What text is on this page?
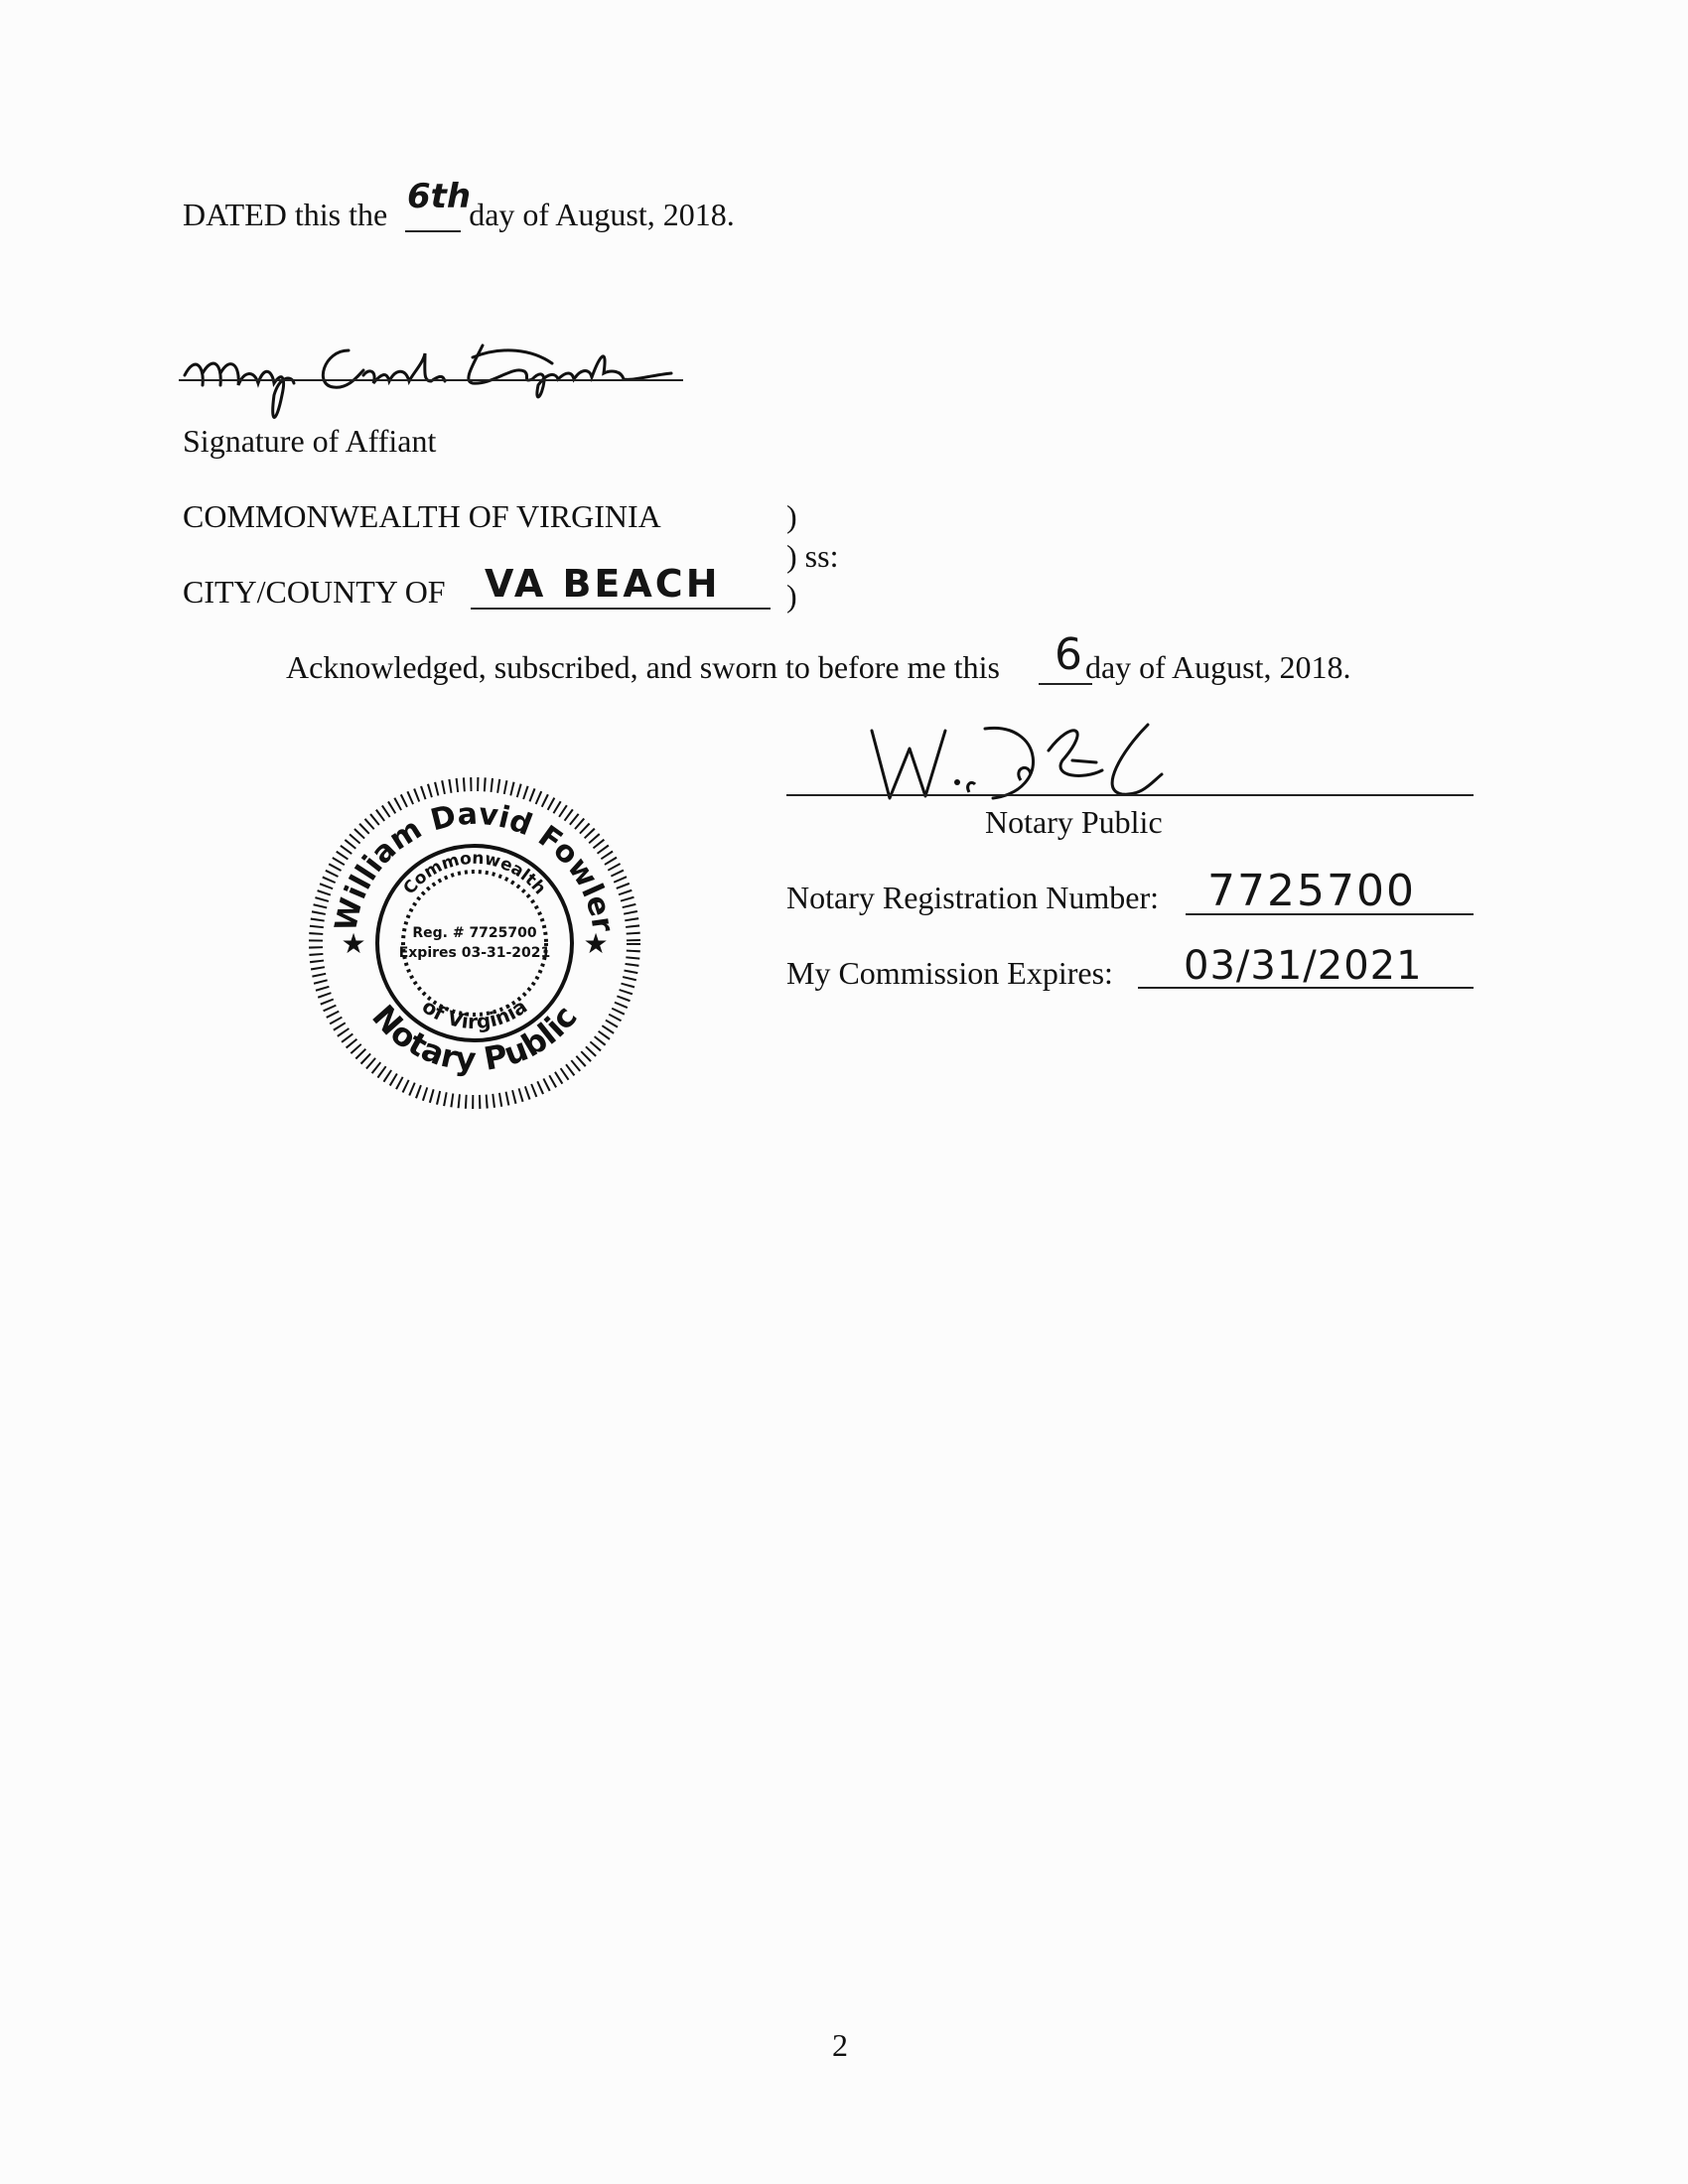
DATED this the	day of August, 2018.
6th
Signature of Affiant
COMMONWEALTH OF VIRGINIA
CITY/COUNTY OF VA BEACH
)
) ss:
)
Acknowledged, subscribed, and sworn to before me this	day of August, 2018.
6
Notary Public
Notary Registration Number: 7725700
My Commission Expires: 03/31/2021
William David Fowler
Notary Public
Commonwealth
of Virginia
Reg. # 7725700
Expires 03-31-2021
★	★
2
